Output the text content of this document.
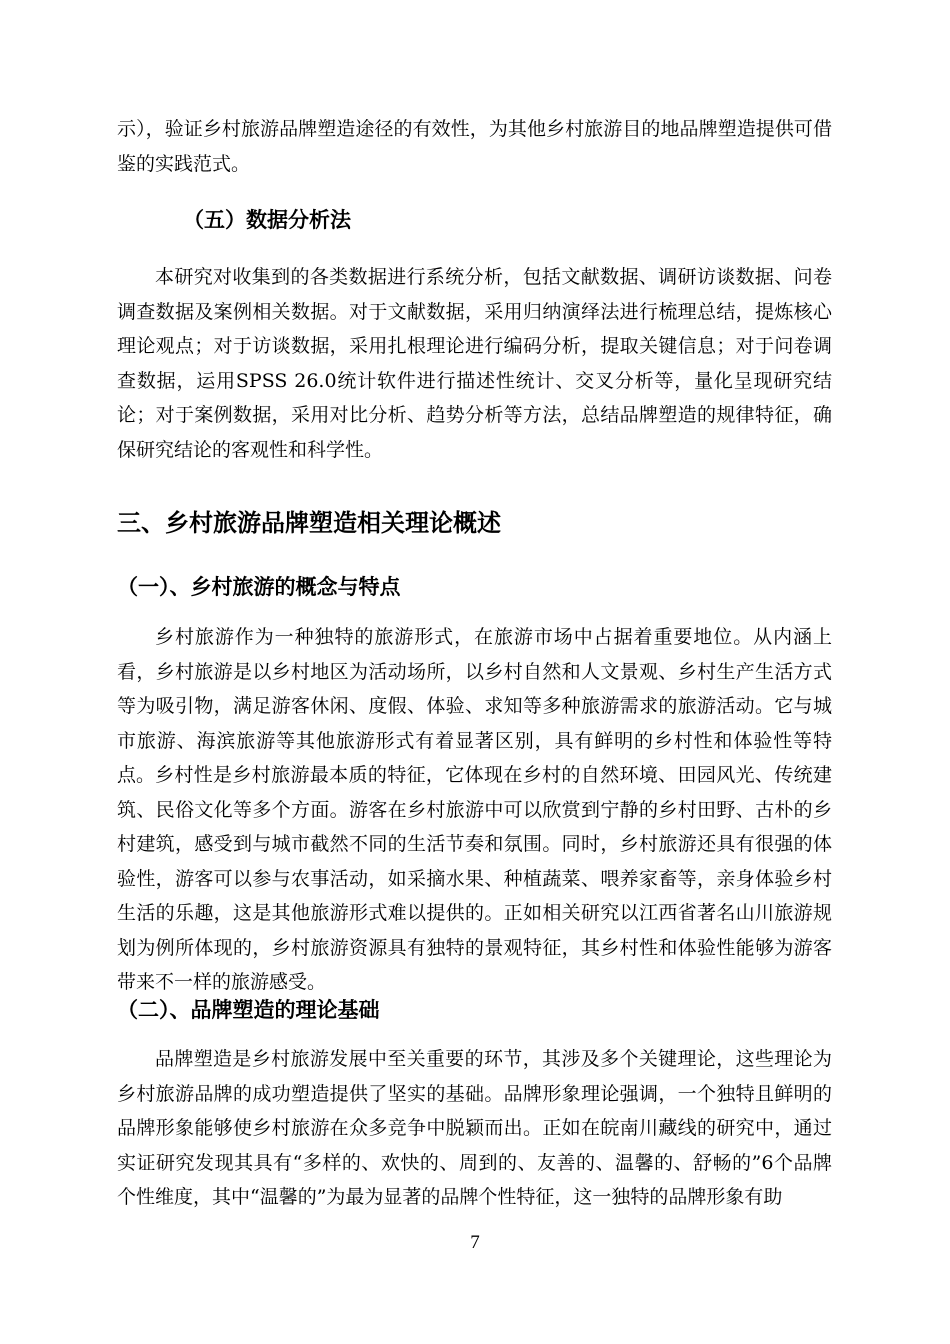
示），验证乡村旅游品牌塑造途径的有效性，为其他乡村旅游目的地品牌塑造提供可借鉴的实践范式。

（五）数据分析法

本研究对收集到的各类数据进行系统分析，包括文献数据、调研访谈数据、问卷调查数据及案例相关数据。对于文献数据，采用归纳演绎法进行梳理总结，提炼核心理论观点；对于访谈数据，采用扎根理论进行编码分析，提取关键信息；对于问卷调查数据，运用SPSS 26.0统计软件进行描述性统计、交叉分析等，量化呈现研究结论；对于案例数据，采用对比分析、趋势分析等方法，总结品牌塑造的规律特征，确保研究结论的客观性和科学性。

三、乡村旅游品牌塑造相关理论概述
（一）、乡村旅游的概念与特点

乡村旅游作为一种独特的旅游形式，在旅游市场中占据着重要地位。从内涵上看，乡村旅游是以乡村地区为活动场所，以乡村自然和人文景观、乡村生产生活方式等为吸引物，满足游客休闲、度假、体验、求知等多种旅游需求的旅游活动。它与城市旅游、海滨旅游等其他旅游形式有着显著区别，具有鲜明的乡村性和体验性等特点。 乡村性是乡村旅游最本质的特征，它体现在乡村的自然环境、田园风光、传统建筑、民俗文化等多个方面。游客在乡村旅游中可以欣赏到宁静的乡村田野、古朴的乡村建筑，感受到与城市截然不同的生活节奏和氛围。同时，乡村旅游还具有很强的体验性，游客可以参与农事活动，如采摘水果、种植蔬菜、喂养家畜等，亲身体验乡村生活的乐趣，这是其他旅游形式难以提供的。正如相关研究以江西省著名山川旅游规划为例所体现的，乡村旅游资源具有独特的景观特征，其乡村性和体验性能够为游客带来不一样的旅游感受。

（二）、品牌塑造的理论基础

品牌塑造是乡村旅游发展中至关重要的环节，其涉及多个关键理论，这些理论为乡村旅游品牌的成功塑造提供了坚实的基础。品牌形象理论强调，一个独特且鲜明的品牌形象能够使乡村旅游在众多竞争中脱颖而出。正如在皖南川藏线的研究中，通过实证研究发现其具有“多样的、欢快的、周到的、友善的、温馨的、舒畅的”6个品牌个性维度，其中“温馨的”为最为显著的品牌个性特征，这一独特的品牌形象有助

7
